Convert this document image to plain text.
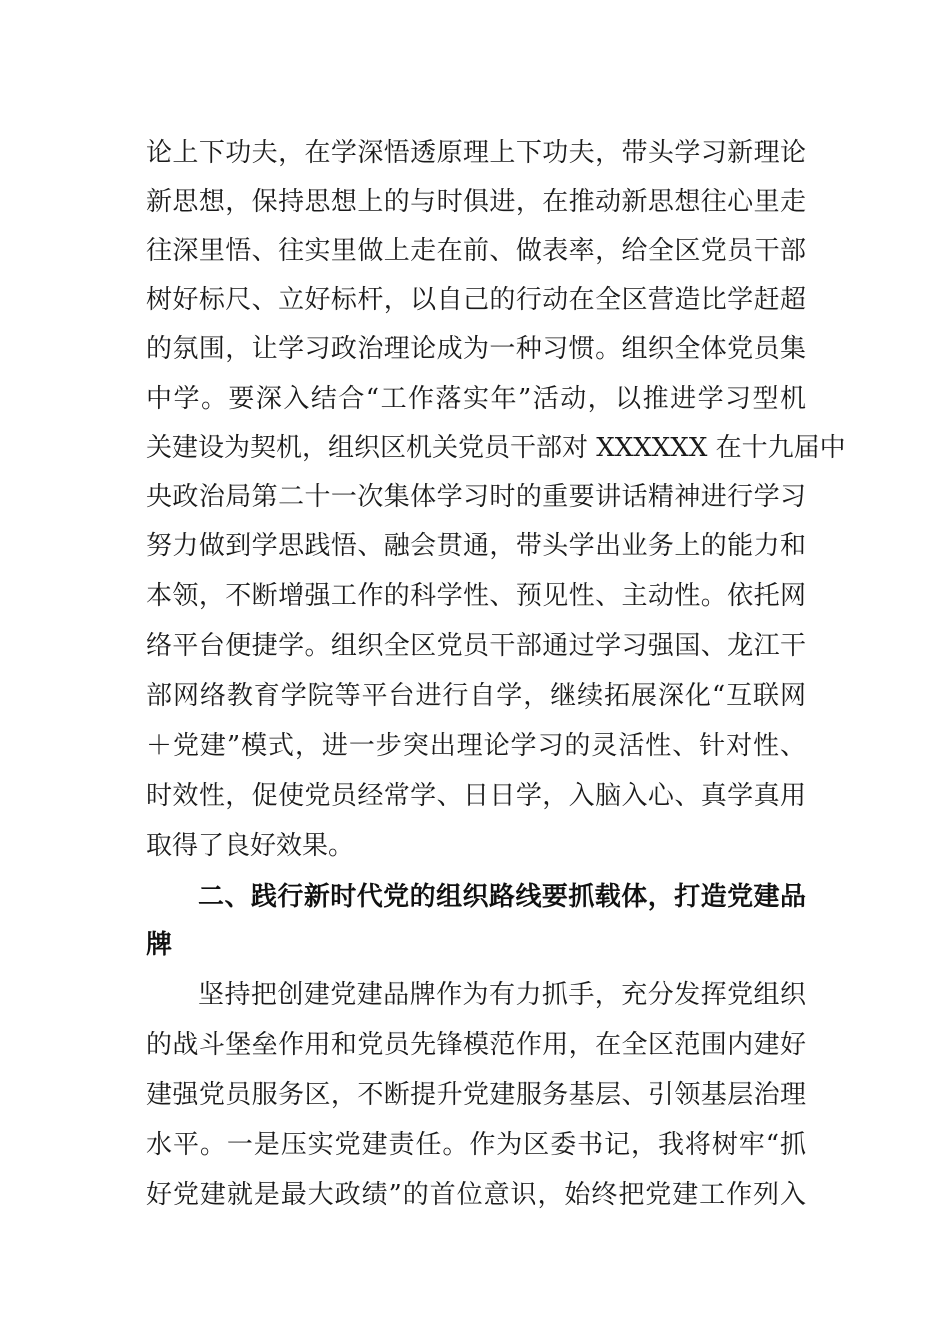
论上下功夫，在学深悟透原理上下功夫，带头学习新理论
新思想，保持思想上的与时俱进，在推动新思想往心里走
往深里悟、往实里做上走在前、做表率，给全区党员干部
树好标尺、立好标杆，以自己的行动在全区营造比学赶超
的氛围，让学习政治理论成为一种习惯。组织全体党员集
中学。要深入结合“工作落实年”活动，以推进学习型机
关建设为契机，组织区机关党员干部对 XXXXXX 在十九届中
央政治局第二十一次集体学习时的重要讲话精神进行学习
努力做到学思践悟、融会贯通，带头学出业务上的能力和
本领，不断增强工作的科学性、预见性、主动性。依托网
络平台便捷学。组织全区党员干部通过学习强国、龙江干
部网络教育学院等平台进行自学，继续拓展深化“互联网
＋党建”模式，进一步突出理论学习的灵活性、针对性、
时效性，促使党员经常学、日日学，入脑入心、真学真用
取得了良好效果。
二、践行新时代党的组织路线要抓载体，打造党建品
牌
坚持把创建党建品牌作为有力抓手，充分发挥党组织
的战斗堡垒作用和党员先锋模范作用，在全区范围内建好
建强党员服务区，不断提升党建服务基层、引领基层治理
水平。一是压实党建责任。作为区委书记，我将树牢“抓
好党建就是最大政绩”的首位意识，始终把党建工作列入
